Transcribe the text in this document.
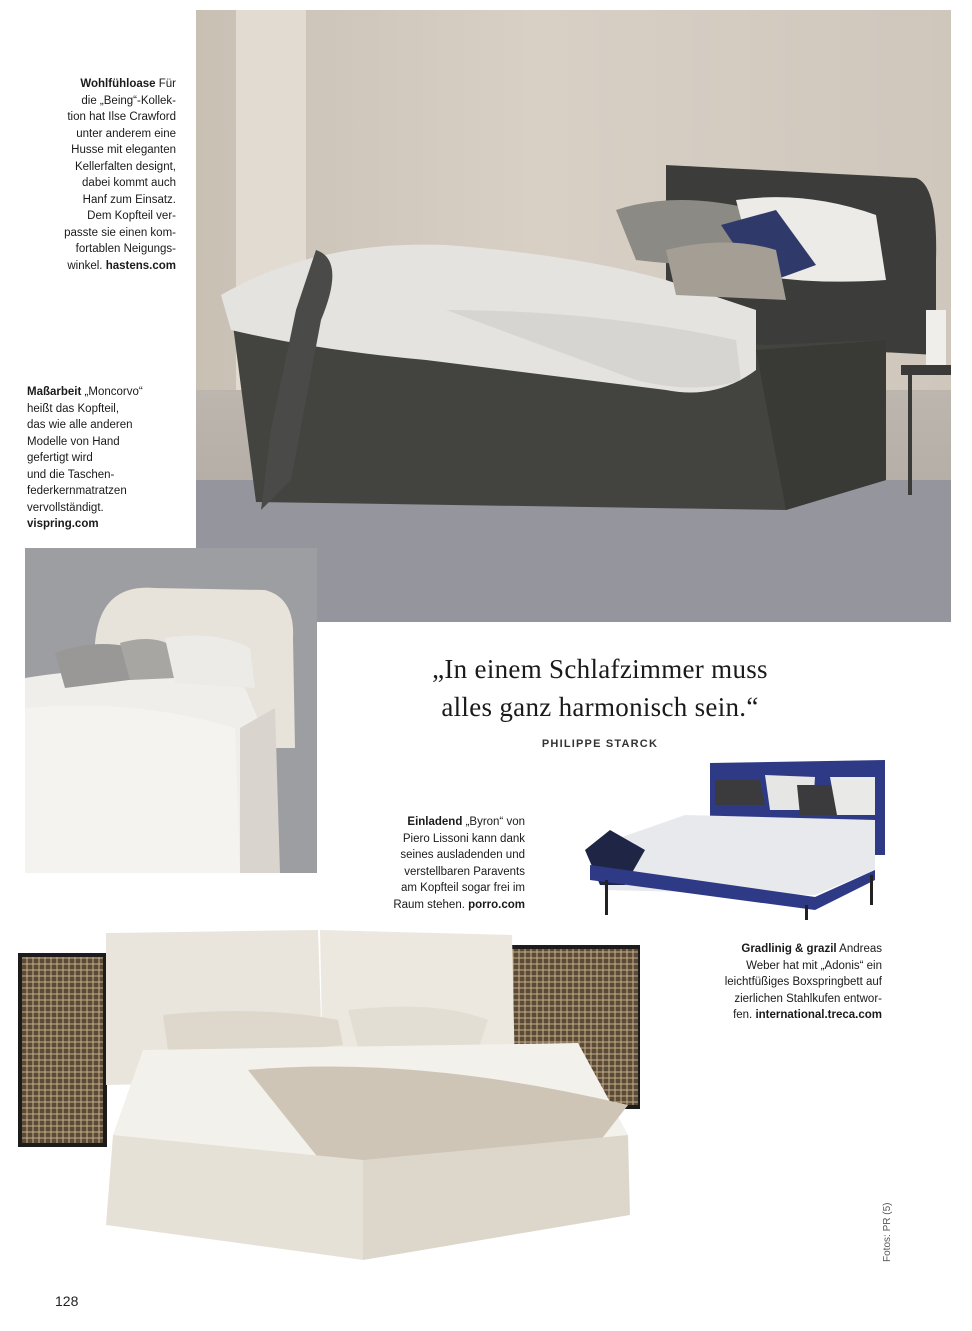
Wohlfühloase Für
die „Being“-Kollek-
tion hat Ilse Crawford
unter anderem eine
Husse mit eleganten
Kellerfalten designt,
dabei kommt auch
Hanf zum Einsatz.
Dem Kopfteil ver-
passte sie einen kom-
fortablen Neigungs-
winkel. hastens.com
Maßarbeit „Moncorvo“
heißt das Kopfteil,
das wie alle anderen
Modelle von Hand
gefertigt wird
und die Taschen-
federkernmatratzen
vervollständigt.
vispring.com
„In einem Schlafzimmer muss
alles ganz harmonisch sein.“
PHILIPPE STARCK
Einladend „Byron“ von
Piero Lissoni kann dank
seines ausladenden und
verstellbaren Paravents
am Kopfteil sogar frei im
Raum stehen. porro.com
Gradlinig & grazil Andreas
Weber hat mit „Adonis“ ein
leichtfüßiges Boxspringbett auf
zierlichen Stahlkufen entwor-
fen. international.treca.com
Fotos: PR (5)
128
